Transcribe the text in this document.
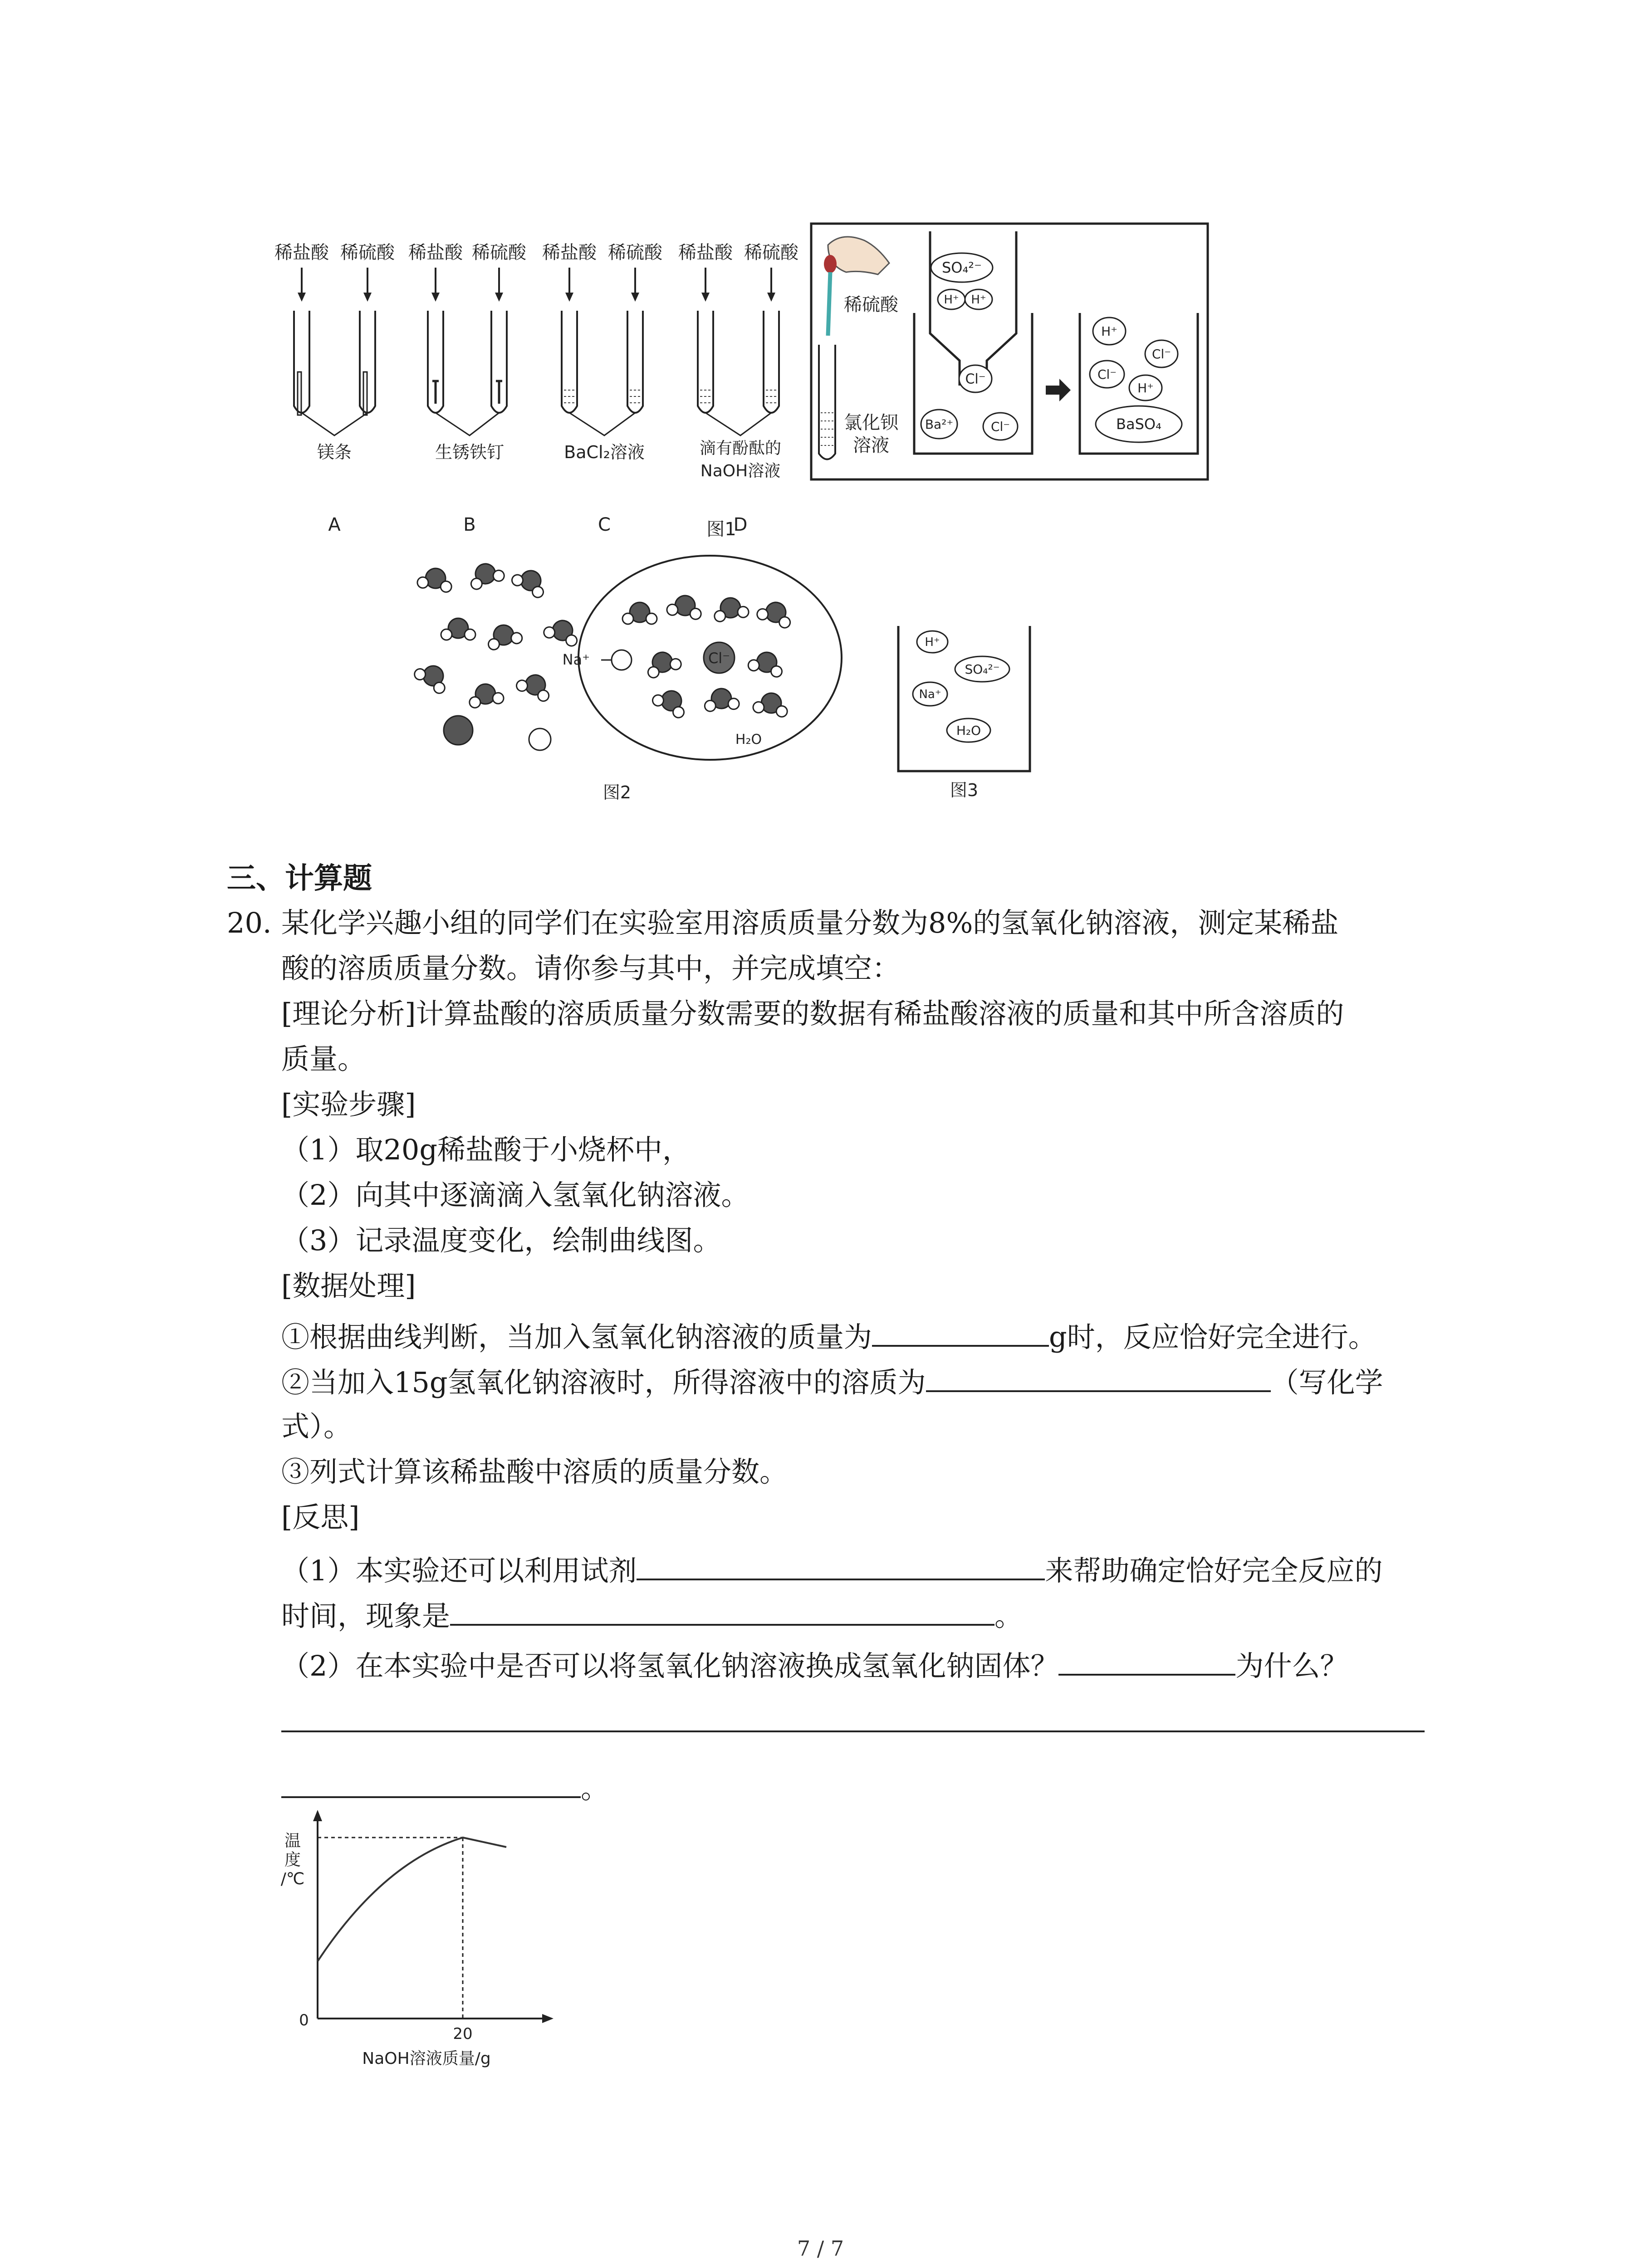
稀盐酸 稀硫酸 稀盐酸 稀硫酸 稀盐酸 稀硫酸 稀盐酸 稀硫酸
A	B	C	D
镁条	生锈铁钉	BaCl₂溶液	滴有酚酞的
NaOH溶液
图1
稀硫酸
氯化钡
溶液
SO₄²⁻
H⁺ H⁺
Cl⁻
Ba²⁺	Cl⁻
H⁺
Cl⁻
Cl⁻
H⁺
BaSO₄
Na⁺	Cl⁻
H₂O
图2
H⁺
SO₄²⁻
Na⁺
H₂O
图3
三、计算题
20. 某化学兴趣小组的同学们在实验室用溶质质量分数为8%的氢氧化钠溶液，测定某稀盐
酸的溶质质量分数。请你参与其中，并完成填空：
[理论分析]计算盐酸的溶质质量分数需要的数据有稀盐酸溶液的质量和其中所含溶质的
质量。
[实验步骤]
（1）取20g稀盐酸于小烧杯中，
（2）向其中逐滴滴入氢氧化钠溶液。
（3）记录温度变化，绘制曲线图。
[数据处理]
①根据曲线判断，当加入氢氧化钠溶液的质量为	g时，反应恰好完全进行。
②当加入15g氢氧化钠溶液时，所得溶液中的溶质为	（写化学
式）。
③列式计算该稀盐酸中溶质的质量分数。
[反思]
（1）本实验还可以利用试剂	来帮助确定恰好完全反应的
时间，现象是	。
（2）在本实验中是否可以将氢氧化钠溶液换成氢氧化钠固体？	为什么？
。
温
度
/℃
0
20
NaOH溶液质量/g
7 / 7
